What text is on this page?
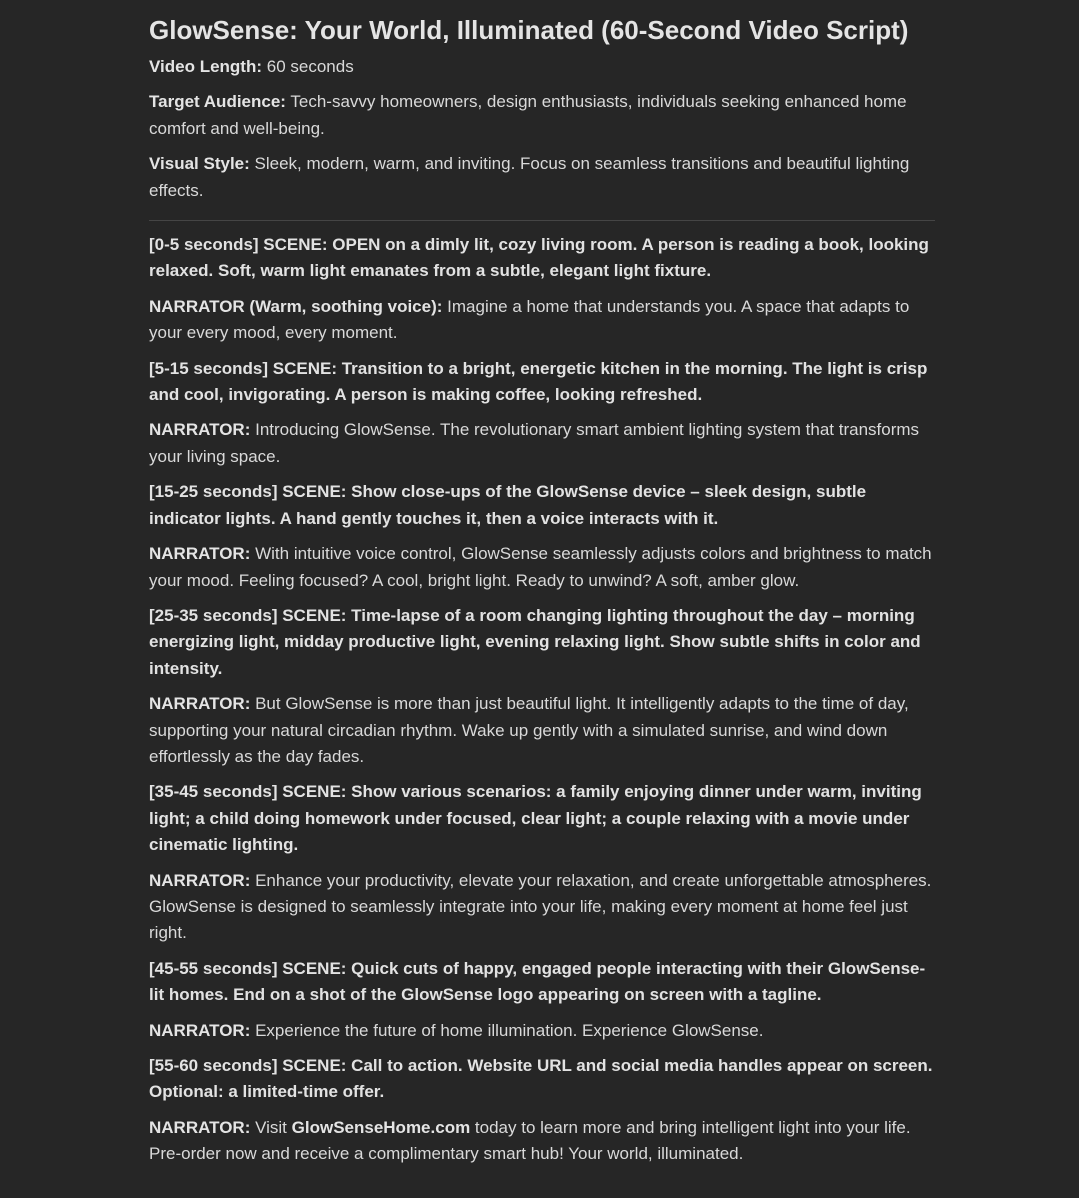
GlowSense: Your World, Illuminated (60-Second Video Script)

Video Length: 60 seconds

Target Audience: Tech-savvy homeowners, design enthusiasts, individuals seeking enhanced home comfort and well-being.

Visual Style: Sleek, modern, warm, and inviting. Focus on seamless transitions and beautiful lighting effects.

[0-5 seconds] SCENE: OPEN on a dimly lit, cozy living room. A person is reading a book, looking relaxed. Soft, warm light emanates from a subtle, elegant light fixture.

NARRATOR (Warm, soothing voice): Imagine a home that understands you. A space that adapts to your every mood, every moment.

[5-15 seconds] SCENE: Transition to a bright, energetic kitchen in the morning. The light is crisp and cool, invigorating. A person is making coffee, looking refreshed.

NARRATOR: Introducing GlowSense. The revolutionary smart ambient lighting system that transforms your living space.

[15-25 seconds] SCENE: Show close-ups of the GlowSense device – sleek design, subtle indicator lights. A hand gently touches it, then a voice interacts with it.

NARRATOR: With intuitive voice control, GlowSense seamlessly adjusts colors and brightness to match your mood. Feeling focused? A cool, bright light. Ready to unwind? A soft, amber glow.

[25-35 seconds] SCENE: Time-lapse of a room changing lighting throughout the day – morning energizing light, midday productive light, evening relaxing light. Show subtle shifts in color and intensity.

NARRATOR: But GlowSense is more than just beautiful light. It intelligently adapts to the time of day, supporting your natural circadian rhythm. Wake up gently with a simulated sunrise, and wind down effortlessly as the day fades.

[35-45 seconds] SCENE: Show various scenarios: a family enjoying dinner under warm, inviting light; a child doing homework under focused, clear light; a couple relaxing with a movie under cinematic lighting.

NARRATOR: Enhance your productivity, elevate your relaxation, and create unforgettable atmospheres. GlowSense is designed to seamlessly integrate into your life, making every moment at home feel just right.

[45-55 seconds] SCENE: Quick cuts of happy, engaged people interacting with their GlowSense-lit homes. End on a shot of the GlowSense logo appearing on screen with a tagline.

NARRATOR: Experience the future of home illumination. Experience GlowSense.

[55-60 seconds] SCENE: Call to action. Website URL and social media handles appear on screen. Optional: a limited-time offer.

NARRATOR: Visit GlowSenseHome.com today to learn more and bring intelligent light into your life. Pre-order now and receive a complimentary smart hub! Your world, illuminated.
